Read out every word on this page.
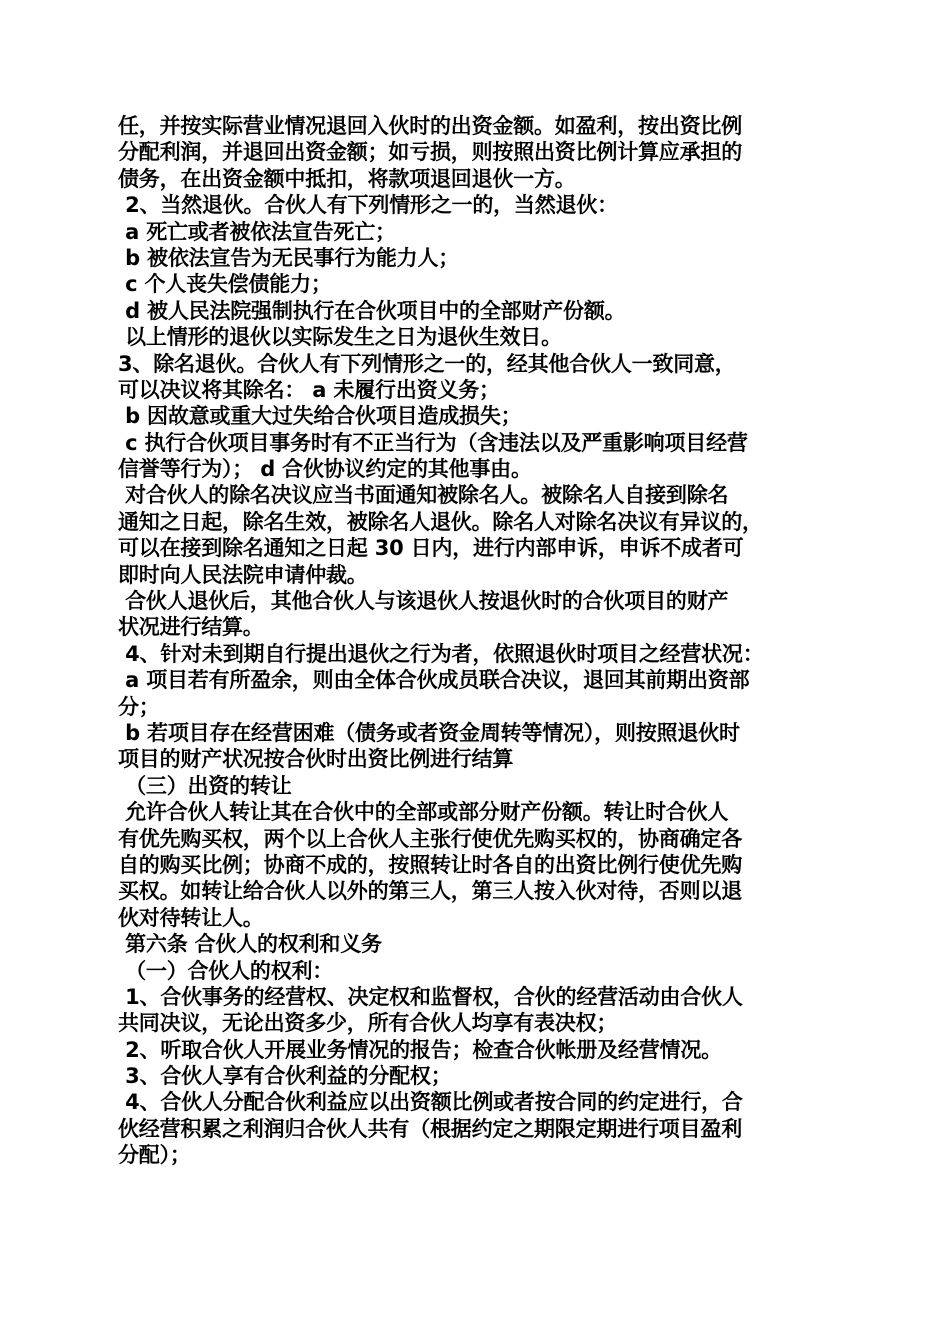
任，并按实际营业情况退回入伙时的出资金额。如盈利，按出资比例
分配利润，并退回出资金额；如亏损，则按照出资比例计算应承担的
债务，在出资金额中抵扣，将款项退回退伙一方。
2、当然退伙。合伙人有下列情形之一的，当然退伙：
a 死亡或者被依法宣告死亡；
b 被依法宣告为无民事行为能力人；
c 个人丧失偿债能力；
d 被人民法院强制执行在合伙项目中的全部财产份额。
以上情形的退伙以实际发生之日为退伙生效日。
3、除名退伙。合伙人有下列情形之一的，经其他合伙人一致同意，
可以决议将其除名： a 未履行出资义务；
b 因故意或重大过失给合伙项目造成损失；
c 执行合伙项目事务时有不正当行为（含违法以及严重影响项目经营
信誉等行为）； d 合伙协议约定的其他事由。
对合伙人的除名决议应当书面通知被除名人。被除名人自接到除名
通知之日起，除名生效，被除名人退伙。除名人对除名决议有异议的，
可以在接到除名通知之日起 30 日内，进行内部申诉，申诉不成者可
即时向人民法院申请仲裁。
合伙人退伙后，其他合伙人与该退伙人按退伙时的合伙项目的财产
状况进行结算。
4、针对未到期自行提出退伙之行为者，依照退伙时项目之经营状况：
a 项目若有所盈余，则由全体合伙成员联合决议，退回其前期出资部
分；
b 若项目存在经营困难（债务或者资金周转等情况），则按照退伙时
项目的财产状况按合伙时出资比例进行结算
（三）出资的转让
允许合伙人转让其在合伙中的全部或部分财产份额。转让时合伙人
有优先购买权，两个以上合伙人主张行使优先购买权的，协商确定各
自的购买比例；协商不成的，按照转让时各自的出资比例行使优先购
买权。如转让给合伙人以外的第三人，第三人按入伙对待，否则以退
伙对待转让人。
第六条 合伙人的权利和义务
（一）合伙人的权利：
1、合伙事务的经营权、决定权和监督权，合伙的经营活动由合伙人
共同决议，无论出资多少，所有合伙人均享有表决权；
2、听取合伙人开展业务情况的报告；检查合伙帐册及经营情况。
3、合伙人享有合伙利益的分配权；
4、合伙人分配合伙利益应以出资额比例或者按合同的约定进行，合
伙经营积累之利润归合伙人共有（根据约定之期限定期进行项目盈利
分配）；
